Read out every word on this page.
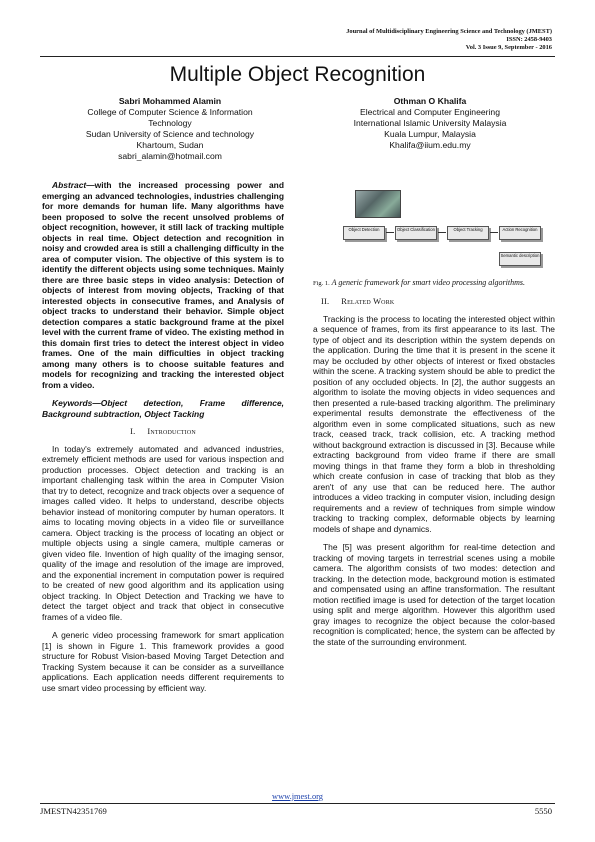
Journal of Multidisciplinary Engineering Science and Technology (JMEST)
ISSN: 2458-9403
Vol. 3 Issue 9, September - 2016
Multiple Object Recognition
Sabri Mohammed Alamin
College of Computer Science & Information
Technology
Sudan University of Science and technology
Khartoum, Sudan
sabri_alamin@hotmail.com
Othman O Khalifa
Electrical and Computer Engineering
International Islamic University Malaysia
Kuala Lumpur, Malaysia
Khalifa@iium.edu.my

Abstract—with the increased processing power and emerging an advanced technologies, industries challenging for more demands for human life. Many algorithms have been proposed to solve the recent unsolved problems of object recognition, however, it still lack of tracking multiple objects in real time. Object detection and recognition in noisy and crowded area is still a challenging difficulty in the area of computer vision. The objective of this system is to identify the different objects using some techniques. Mainly there are three basic steps in video analysis: Detection of objects of interest from moving objects, Tracking of that interested objects in consecutive frames, and Analysis of object tracks to understand their behavior. Simple object detection compares a static background frame at the pixel level with the current frame of video. The existing method in this domain first tries to detect the interest object in video frames. One of the main difficulties in object tracking among many others is to choose suitable features and models for recognizing and tracking the interested object from a video.

Keywords—Object detection, Frame difference, Background subtraction, Object Tacking

I. Introduction

In today's extremely automated and advanced industries, extremely efficient methods are used for various inspection and production processes. Object detection and tracking is an important challenging task within the area in Computer Vision that try to detect, recognize and track objects over a sequence of images called video. It helps to understand, describe objects behavior instead of monitoring computer by human operators. It aims to locating moving objects in a video file or surveillance camera. Object tracking is the process of locating an object or multiple objects using a single camera, multiple cameras or given video file. Invention of high quality of the imaging sensor, quality of the image and resolution of the image are improved, and the exponential increment in computation power is required to be created of new good algorithm and its application using object tracking. In Object Detection and Tracking we have to detect the target object and track that object in consecutive frames of a video file.

A generic video processing framework for smart application [1] is shown in Figure 1. This framework provides a good structure for Robust Vision-based Moving Target Detection and Tracking System because it can be consider as a surveillance applications. Each application needs different requirements to use smart video processing by efficient way.

Object Detection	Object Classification	Object Tracking	Action Recognition
Semantic description

Fig. 1. A generic framework for smart video processing algorithms.

II. Related Work

Tracking is the process to locating the interested object within a sequence of frames, from its first appearance to its last. The type of object and its description within the system depends on the application. During the time that it is present in the scene it may be occluded by other objects of interest or fixed obstacles within the scene. A tracking system should be able to predict the position of any occluded objects. In [2], the author suggests an algorithm to isolate the moving objects in video sequences and then presented a rule-based tracking algorithm. The preliminary experimental results demonstrate the effectiveness of the algorithm even in some complicated situations, such as new track, ceased track, track collision, etc. A tracking method without background extraction is discussed in [3]. Because while extracting background from video frame if there are small moving things in that frame they form a blob in thresholding which create confusion in case of tracking that blob as they aren't of any use that can be reduced here. The author introduces a video tracking in computer vision, including design requirements and a review of techniques from simple window tracking to tracking complex, deformable objects by learning models of shape and dynamics.

The [5] was present algorithm for real-time detection and tracking of moving targets in terrestrial scenes using a mobile camera. The algorithm consists of two modes: detection and tracking. In the detection mode, background motion is estimated and compensated using an affine transformation. The resultant motion rectified image is used for detection of the target location using split and merge algorithm. However this algorithm used gray images to recognize the object because the color-based recognition is complicated; hence, the system can be affected by the state of the surrounding environment.

www.jmest.org
JMESTN42351769	5550
